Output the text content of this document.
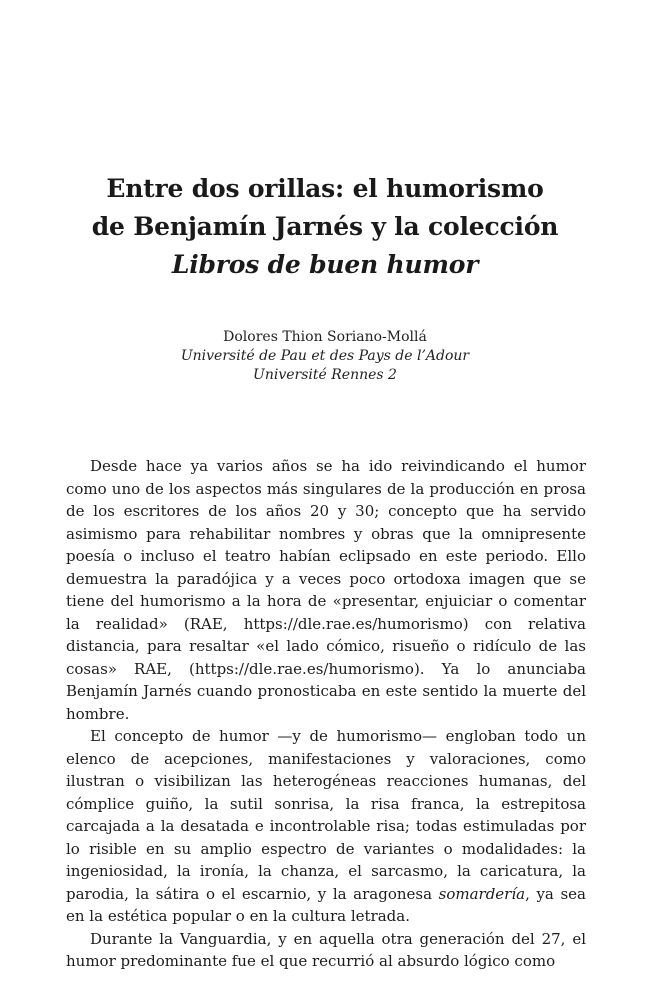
Entre dos orillas: el humorismo
de Benjamín Jarnés y la colección
Libros de buen humor
Dolores Thion Soriano-Mollá
Université de Pau et des Pays de l’Adour
Université Rennes 2

Desde hace ya varios años se ha ido reivindicando el humor como uno de los aspectos más singulares de la producción en prosa de los escritores de los años 20 y 30; concepto que ha servido asimismo para rehabilitar nombres y obras que la omnipresente poesía o incluso el teatro habían eclipsado en este periodo. Ello demuestra la paradójica y a veces poco ortodoxa imagen que se tiene del humorismo a la hora de «presentar, enjuiciar o comentar la realidad» (RAE, https://dle.rae.es/humorismo) con relativa distancia, para resaltar «el lado cómico, risueño o ridículo de las cosas» RAE, (https://dle.rae.es/humorismo). Ya lo anunciaba Benjamín Jarnés cuando pronosticaba en este sentido la muerte del hombre.

El concepto de humor —y de humorismo— engloban todo un elenco de acepciones, manifestaciones y valoraciones, como ilustran o visibilizan las heterogéneas reacciones humanas, del cómplice guiño, la sutil sonrisa, la risa franca, la estrepitosa carcajada a la desatada e incontrolable risa; todas estimuladas por lo risible en su amplio espectro de variantes o modalidades: la ingeniosidad, la ironía, la chanza, el sarcasmo, la caricatura, la parodia, la sátira o el escarnio, y la aragonesa somardería, ya sea en la estética popular o en la cultura letrada.

Durante la Vanguardia, y en aquella otra generación del 27, el humor predominante fue el que recurrió al absurdo lógico como
